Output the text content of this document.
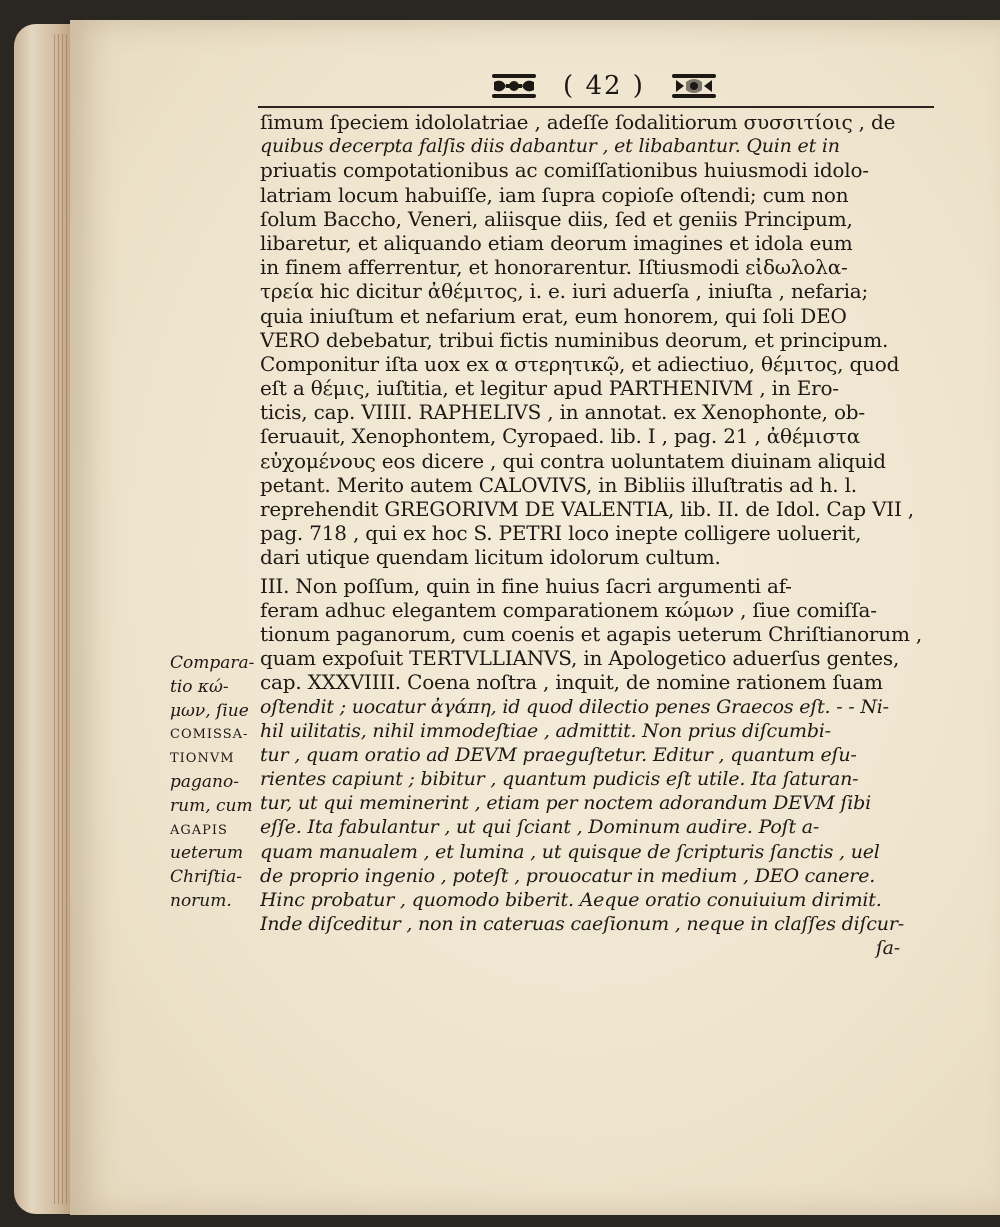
( 42 )
ſimum ſpeciem idololatriae , adeſſe ſodalitiorum συσσιτίοις , de
quibus decerpta falſis diis dabantur , et libabantur. Quin et in
priuatis compotationibus ac comiſſationibus huiusmodi idolo-
latriam locum habuiſſe, iam ſupra copioſe oſtendi; cum non
ſolum Baccho, Veneri, aliisque diis, ſed et geniis Principum,
libaretur, et aliquando etiam deorum imagines et idola eum
in finem afferrentur, et honorarentur. Iſtiusmodi εἰδωλολα-
τρεία hic dicitur ἀθέμιτος, i. e. iuri aduerſa , iniuſta , nefaria;
quia iniuſtum et nefarium erat, eum honorem, qui ſoli DEO
VERO debebatur, tribui fictis numinibus deorum, et principum.
Componitur iſta uox ex α στερητικῷ, et adiectiuo, θέμιτος, quod
eſt a θέμις, iuſtitia, et legitur apud PARTHENIVM , in Ero-
ticis, cap. VIIII. RAPHELIVS , in annotat. ex Xenophonte, ob-
ſeruauit, Xenophontem, Cyropaed. lib. I , pag. 21 , ἀθέμιστα
εὐχομένους eos dicere , qui contra uoluntatem diuinam aliquid
petant. Merito autem CALOVIVS, in Bibliis illuſtratis ad h. l.
reprehendit GREGORIVM DE VALENTIA, lib. II. de Idol. Cap VII ,
pag. 718 , qui ex hoc S. PETRI loco inepte colligere uoluerit,
dari utique quendam licitum idolorum cultum.
III. Non poſſum, quin in fine huius ſacri argumenti af-
feram adhuc elegantem comparationem κώμων , ſiue comiſſa-
tionum paganorum, cum coenis et agapis ueterum Chriſtianorum ,
quam expoſuit TERTVLLIANVS, in Apologetico aduerſus gentes,
cap. XXXVIIII. Coena noſtra , inquit, de nomine rationem ſuam
oſtendit ; uocatur ἀγάπη, id quod dilectio penes Graecos eſt. - - Ni-
hil uilitatis, nihil immodeſtiae , admittit. Non prius diſcumbi-
tur , quam oratio ad DEVM praeguſtetur. Editur , quantum eſu-
rientes capiunt ; bibitur , quantum pudicis eſt utile. Ita ſaturan-
tur, ut qui meminerint , etiam per noctem adorandum DEVM ſibi
eſſe. Ita fabulantur , ut qui ſciant , Dominum audire. Poſt a-
quam manualem , et lumina , ut quisque de ſcripturis ſanctis , uel
de proprio ingenio , poteſt , prouocatur in medium , DEO canere.
Hinc probatur , quomodo biberit. Aeque oratio conuiuium dirimit.
Inde diſceditur , non in cateruas caeſionum , neque in claſſes diſcur-
ſa-
Compara-
tio κώ-
μων, ſiue
COMISSA-
TIONVM
pagano-
rum, cum
AGAPIS
ueterum
Chriſtia-
norum.
